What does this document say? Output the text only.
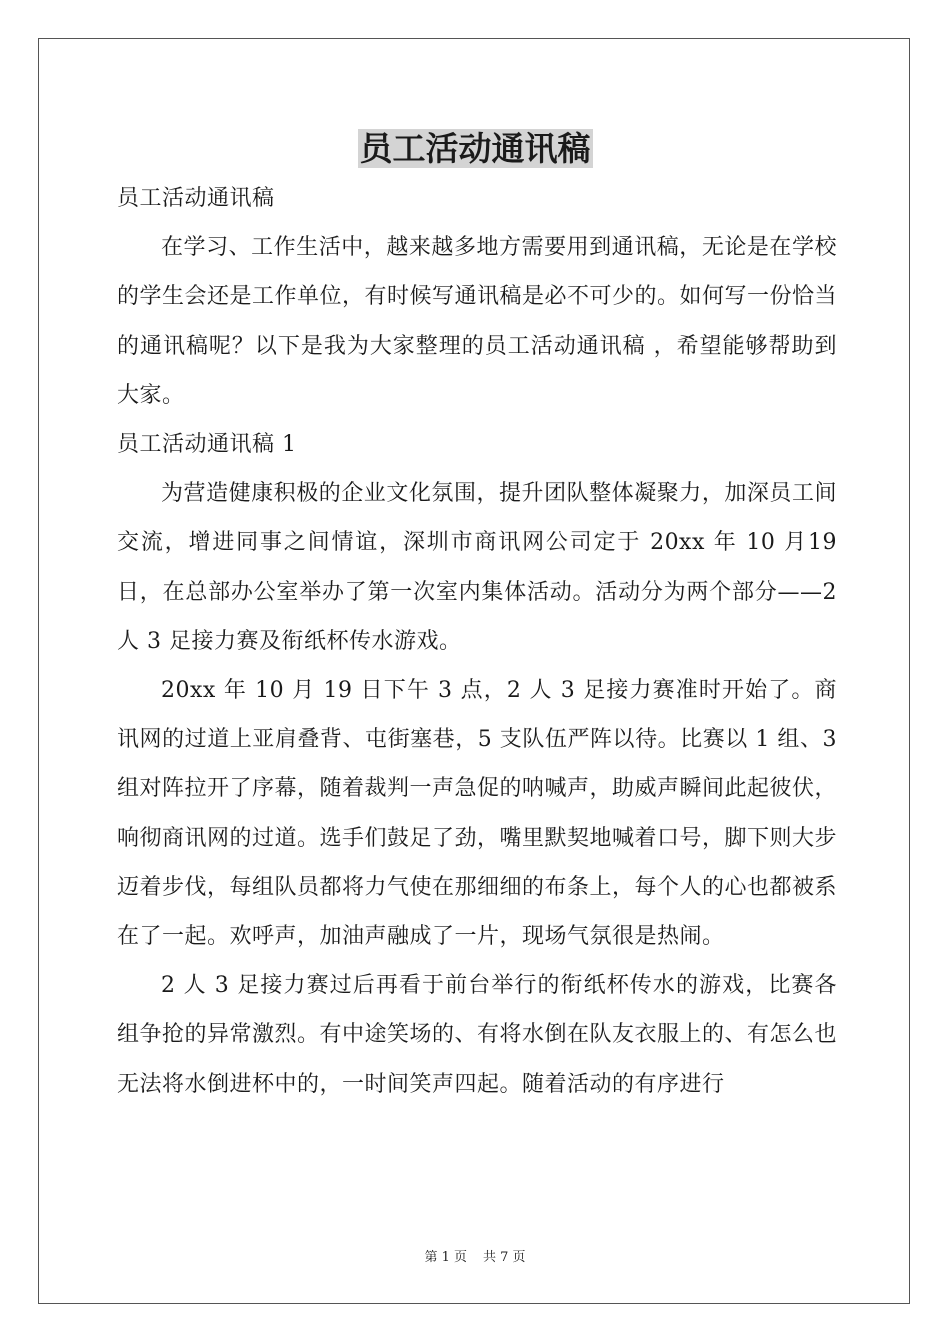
员工活动通讯稿

员工活动通讯稿

在学习、工作生活中，越来越多地方需要用到通讯稿，无论是在学校的学生会还是工作单位，有时候写通讯稿是必不可少的。如何写一份恰当的通讯稿呢？以下是我为大家整理的员工活动通讯稿 ，希望能够帮助到大家。

员工活动通讯稿 1

为营造健康积极的企业文化氛围，提升团队整体凝聚力，加深员工间交流，增进同事之间情谊，深圳市商讯网公司定于 20xx 年 10 月19 日，在总部办公室举办了第一次室内集体活动。活动分为两个部分——2 人 3 足接力赛及衔纸杯传水游戏。

20xx 年 10 月 19 日下午 3 点，2 人 3 足接力赛准时开始了。商讯网的过道上亚肩叠背、屯街塞巷，5 支队伍严阵以待。比赛以 1 组、3 组对阵拉开了序幕，随着裁判一声急促的呐喊声，助威声瞬间此起彼伏，响彻商讯网的过道。选手们鼓足了劲，嘴里默契地喊着口号，脚下则大步迈着步伐，每组队员都将力气使在那细细的布条上，每个人的心也都被系在了一起。欢呼声，加油声融成了一片，现场气氛很是热闹。

2 人 3 足接力赛过后再看于前台举行的衔纸杯传水的游戏，比赛各组争抢的异常激烈。有中途笑场的、有将水倒在队友衣服上的、有怎么也无法将水倒进杯中的，一时间笑声四起。随着活动的有序进行

第 1 页 共 7 页
